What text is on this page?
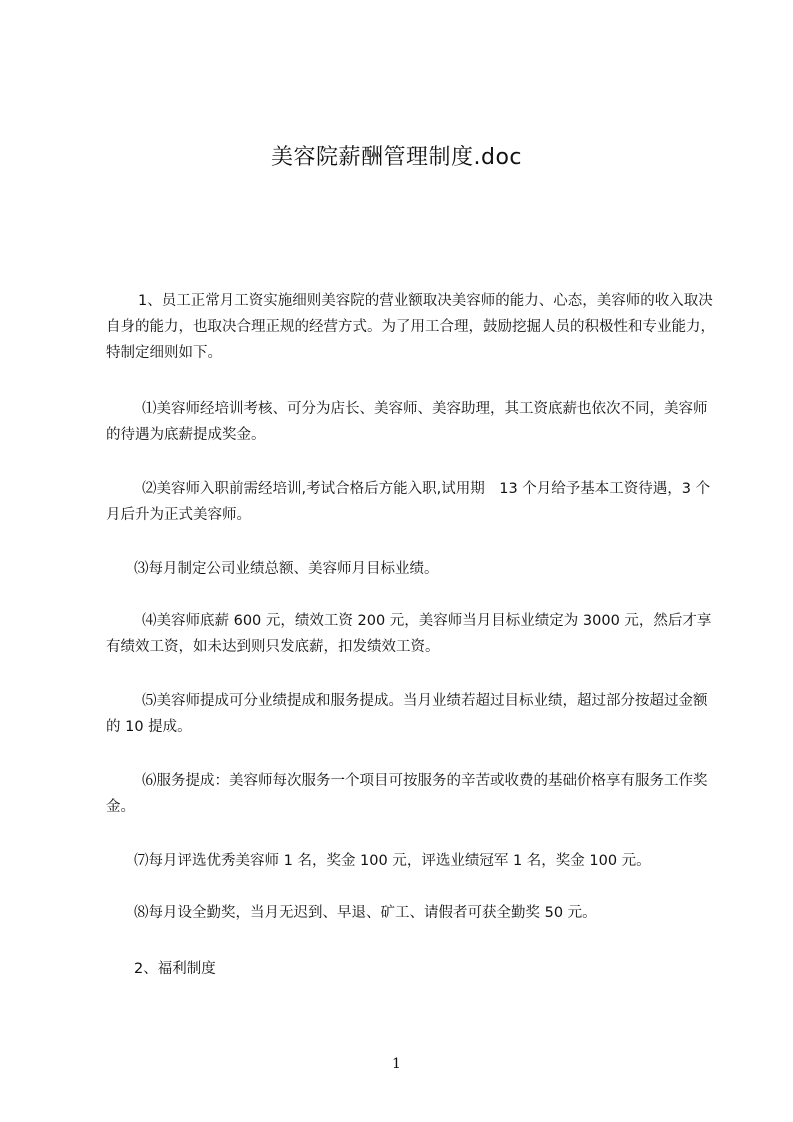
美容院薪酬管理制度.doc

1、员工正常月工资实施细则美容院的营业额取决美容师的能力、心态，美容师的收入取决自身的能力，也取决合理正规的经营方式。为了用工合理，鼓励挖掘人员的积极性和专业能力，特制定细则如下。

⑴美容师经培训考核、可分为店长、美容师、美容助理，其工资底薪也依次不同，美容师的待遇为底薪提成奖金。

⑵美容师入职前需经培训,考试合格后方能入职,试用期　13 个月给予基本工资待遇，3 个月后升为正式美容师。

⑶每月制定公司业绩总额、美容师月目标业绩。

⑷美容师底薪 600 元，绩效工资 200 元，美容师当月目标业绩定为 3000 元，然后才享有绩效工资，如未达到则只发底薪，扣发绩效工资。

⑸美容师提成可分业绩提成和服务提成。当月业绩若超过目标业绩，超过部分按超过金额的 10 提成。

⑹服务提成：美容师每次服务一个项目可按服务的辛苦或收费的基础价格享有服务工作奖金。

⑺每月评选优秀美容师 1 名，奖金 100 元，评选业绩冠军 1 名，奖金 100 元。

⑻每月设全勤奖，当月无迟到、早退、矿工、请假者可获全勤奖 50 元。

2、福利制度

1
